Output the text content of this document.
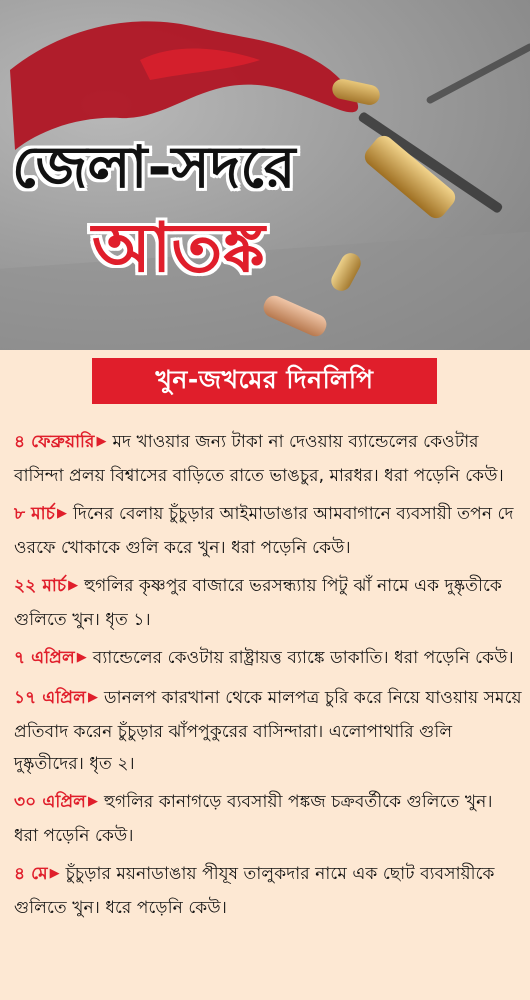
জেলা-সদরে
আতঙ্ক
খুন-জখমের দিনলিপি
৪ ফেব্রুয়ারি ▶ মদ খাওয়ার জন্য টাকা না দেওয়ায় ব্যান্ডেলের কেওটার বাসিন্দা প্রলয় বিশ্বাসের বাড়িতে রাতে ভাঙচুর, মারধর। ধরা পড়েনি কেউ।
৮ মার্চ ▶ দিনের বেলায় চুঁচুড়ার আইমাডাঙার আমবাগানে ব্যবসায়ী তপন দে ওরফে খোকাকে গুলি করে খুন। ধরা পড়েনি কেউ।
২২ মার্চ ▶ হুগলির কৃষ্ণপুর বাজারে ভরসন্ধ্যায় পিটু ঝাঁ নামে এক দুষ্কৃতীকে গুলিতে খুন। ধৃত ১।
৭ এপ্রিল ▶ ব্যান্ডেলের কেওটায় রাষ্ট্রায়ত্ত ব্যাঙ্কে ডাকাতি। ধরা পড়েনি কেউ।
১৭ এপ্রিল ▶ ডানলপ কারখানা থেকে মালপত্র চুরি করে নিয়ে যাওয়ায় সময়ে প্রতিবাদ করেন চুঁচুড়ার ঝাঁপপুকুরের বাসিন্দারা। এলোপাথারি গুলি দুষ্কৃতীদের। ধৃত ২।
৩০ এপ্রিল ▶ হুগলির কানাগড়ে ব্যবসায়ী পঙ্কজ চক্রবর্তীকে গুলিতে খুন। ধরা পড়েনি কেউ।
৪ মে ▶ চুঁচুড়ার ময়নাডাঙায় পীযূষ তালুকদার নামে এক ছোট ব্যবসায়ীকে গুলিতে খুন। ধরে পড়েনি কেউ।
